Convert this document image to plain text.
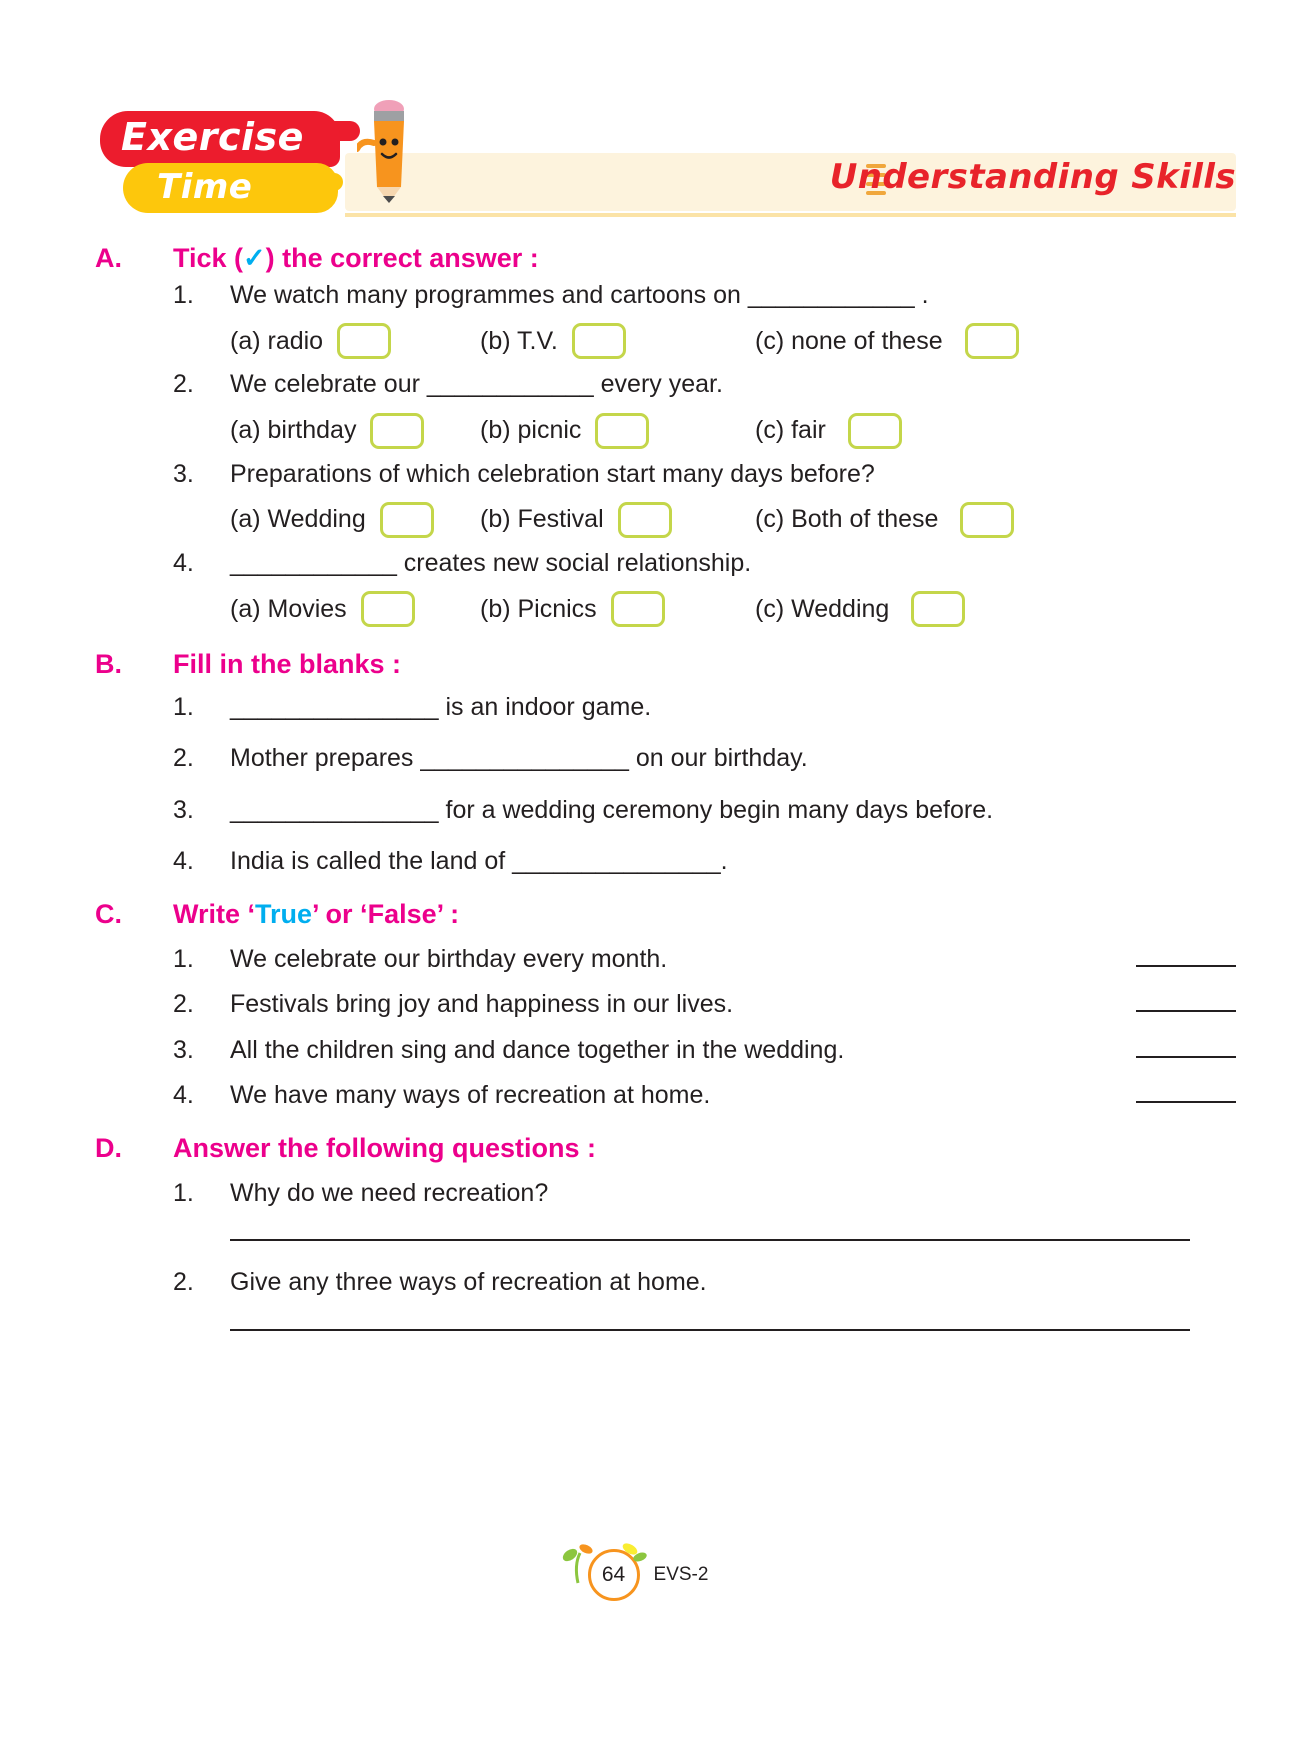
Exercise
Time	Understanding Skills
A.	Tick (✓) the correct answer :
1.	We watch many programmes and cartoons on ____________ .
(a) radio	(b) T.V.	(c) none of these
2.	We celebrate our ____________ every year.
(a) birthday	(b) picnic	(c) fair
3.	Preparations of which celebration start many days before?
(a) Wedding	(b) Festival	(c) Both of these
4.	____________ creates new social relationship.
(a) Movies	(b) Picnics	(c) Wedding
B.	Fill in the blanks :
1.	_______________ is an indoor game.
2.	Mother prepares _______________ on our birthday.
3.	_______________ for a wedding ceremony begin many days before.
4.	India is called the land of _______________.
C.	Write ‘True’ or ‘False’ :
1.	We celebrate our birthday every month.
2.	Festivals bring joy and happiness in our lives.
3.	All the children sing and dance together in the wedding.
4.	We have many ways of recreation at home.
D.	Answer the following questions :
1.	Why do we need recreation?
2.	Give any three ways of recreation at home.
64	EVS-2
